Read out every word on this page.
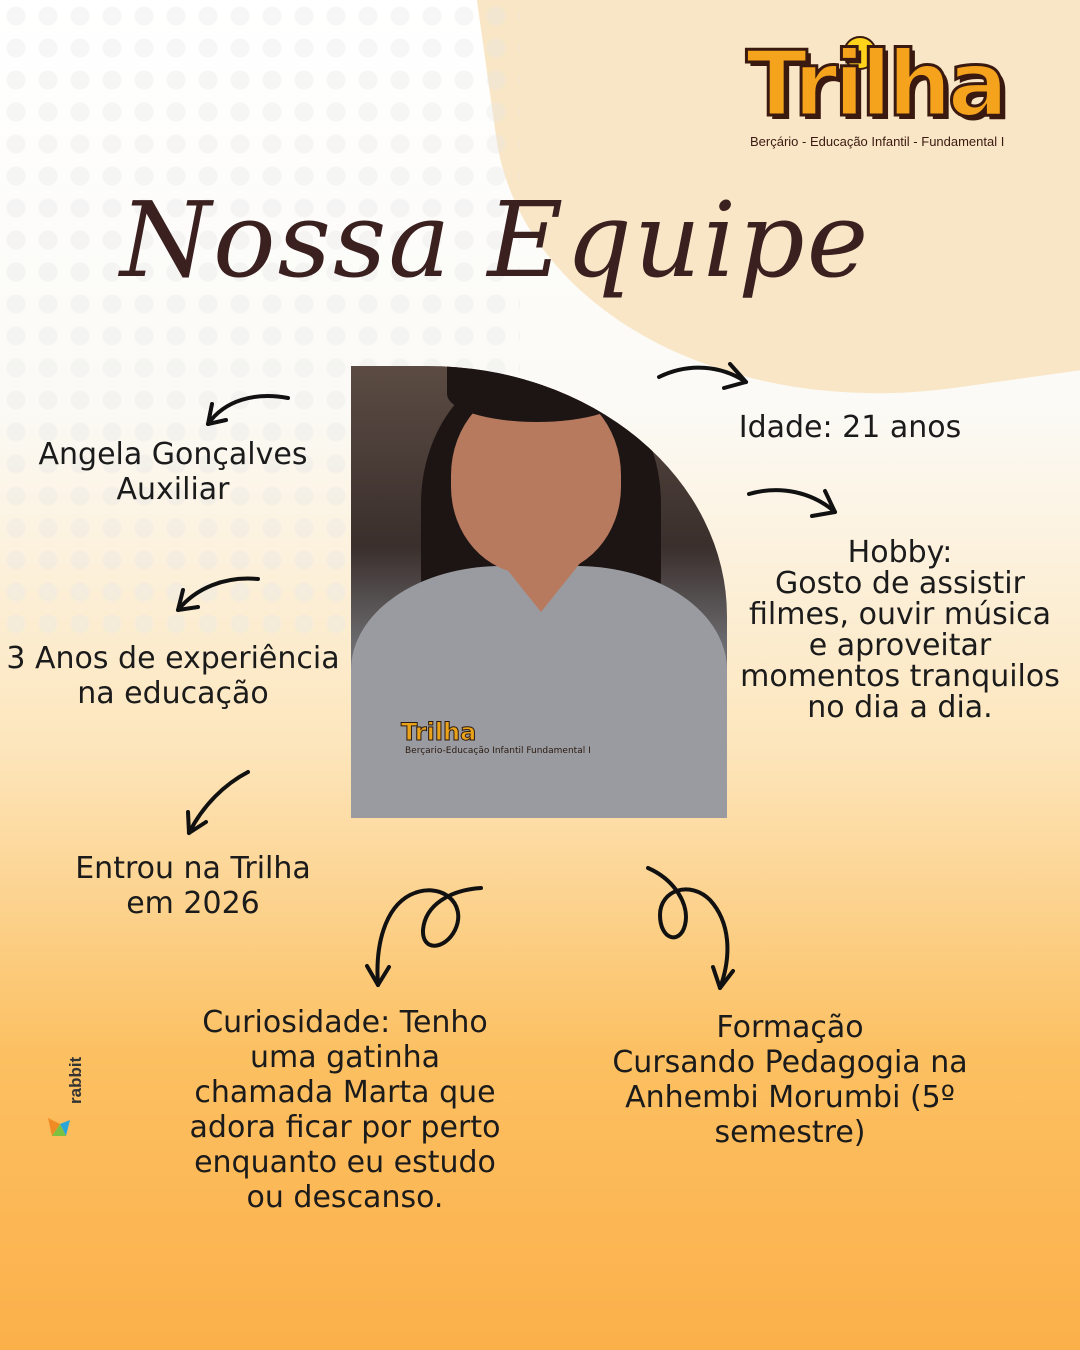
Trilha
Berçário - Educação Infantil - Fundamental I
Nossa Equipe
Trilha
Berçario-Educação Infantil Fundamental I
Angela Gonçalves
Auxiliar
3 Anos de experiência
na educação
Entrou na Trilha
em 2026
Idade: 21 anos
Hobby:
Gosto de assistir filmes, ouvir música e aproveitar momentos tranquilos no dia a dia.
Curiosidade: Tenho uma gatinha chamada Marta que adora ficar por perto enquanto eu estudo ou descanso.
Formação
Cursando Pedagogia na Anhembi Morumbi (5º semestre)
rabbit
